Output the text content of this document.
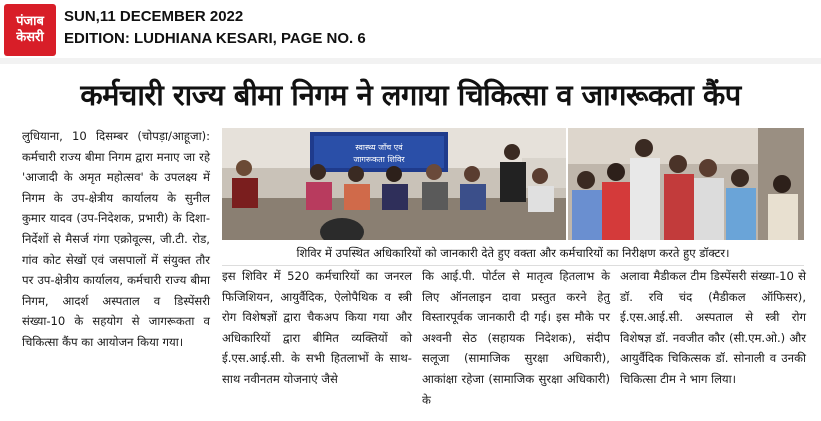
पंजाब
केसरी
SUN,11 DECEMBER 2022
EDITION: LUDHIANA KESARI, PAGE NO. 6
कर्मचारी राज्य बीमा निगम ने लगाया चिकित्सा व जागरूकता कैंप

लुधियाना, 10 दिसम्बर (चोपड़ा/आहूजा): कर्मचारी राज्य बीमा निगम द्वारा मनाए जा रहे 'आजादी के अमृत महोत्सव' के उपलक्ष्य में निगम के उप-क्षेत्रीय कार्यालय के सुनील कुमार यादव (उप-निदेशक, प्रभारी) के दिशा-निर्देशों से मैसर्ज गंगा एक्रोवूल्स, जी.टी. रोड, गांव कोट सेखों एवं जसपालों में संयुक्त तौर पर उप-क्षेत्रीय कार्यालय, कर्मचारी राज्य बीमा निगम, आदर्श अस्पताल व डिस्पेंसरी संख्या-10 के सहयोग से जागरूकता व चिकित्सा कैंप का आयोजन किया गया।

स्वास्थ्य जाँच एवं
जागरूकता शिविर
शिविर में उपस्थित अधिकारियों को जानकारी देते हुए वक्ता और कर्मचारियों का निरीक्षण करते हुए डॉक्टर।

इस शिविर में 520 कर्मचारियों का जनरल फिजिशियन, आयुर्वैदिक, ऐलोपैथिक व स्त्री रोग विशेषज्ञों द्वारा चैकअप किया गया और अधिकारियों द्वारा बीमित व्यक्तियों को ई.एस.आई.सी. के सभी हितलाभों के साथ-साथ नवीनतम योजनाएं जैसे

कि आई.पी. पोर्टल से मातृत्व हितलाभ के लिए ऑनलाइन दावा प्रस्तुत करने हेतु विस्तारपूर्वक जानकारी दी गई। इस मौके पर अश्वनी सेठ (सहायक निदेशक), संदीप सलूजा (सामाजिक सुरक्षा अधिकारी), आकांक्षा रहेजा (सामाजिक सुरक्षा अधिकारी) के

अलावा मैडीकल टीम डिस्पेंसरी संख्या-10 से डॉ. रवि चंद (मैडीकल ऑफिसर), ई.एस.आई.सी. अस्पताल से स्त्री रोग विशेषज्ञ डॉ. नवजीत कौर (सी.एम.ओ.) और आयुर्वैदिक चिकित्सक डॉ. सोनाली व उनकी चिकित्सा टीम ने भाग लिया।
